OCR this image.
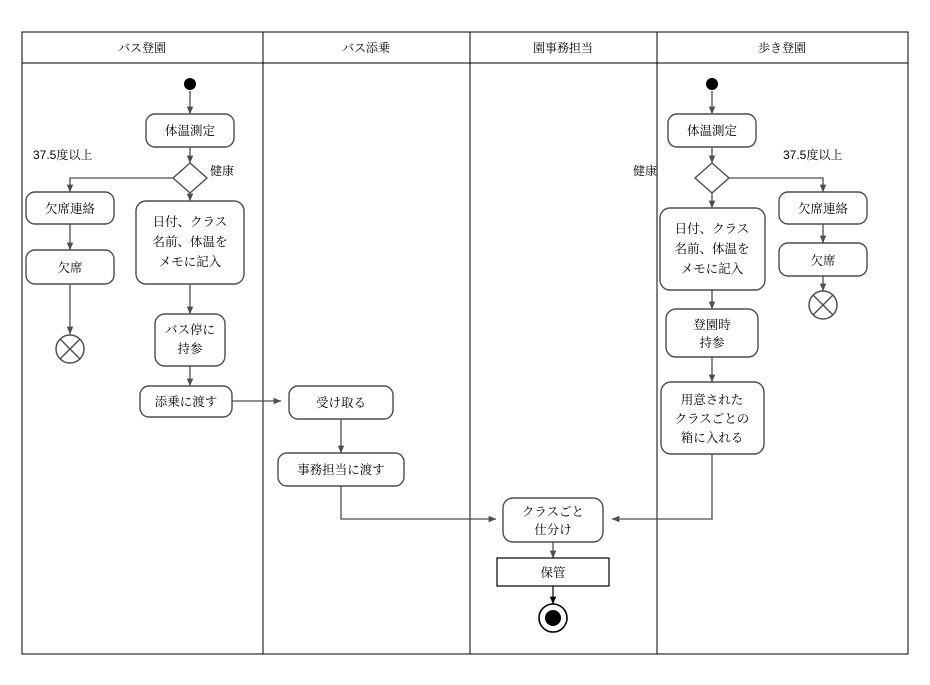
バス登園	バス添乗	園事務担当	歩き登園
体温測定
健康
37.5度以上
欠席連絡
欠席
日付、クラス
名前、体温を
メモに記入
バス停に
持参
添乗に渡す	受け取る
事務担当に渡す
クラスごと
仕分け
保管
体温測定
健康
37.5度以上
欠席連絡
欠席
日付、クラス
名前、体温を
メモに記入
登園時
持参
用意された
クラスごとの
箱に入れる
